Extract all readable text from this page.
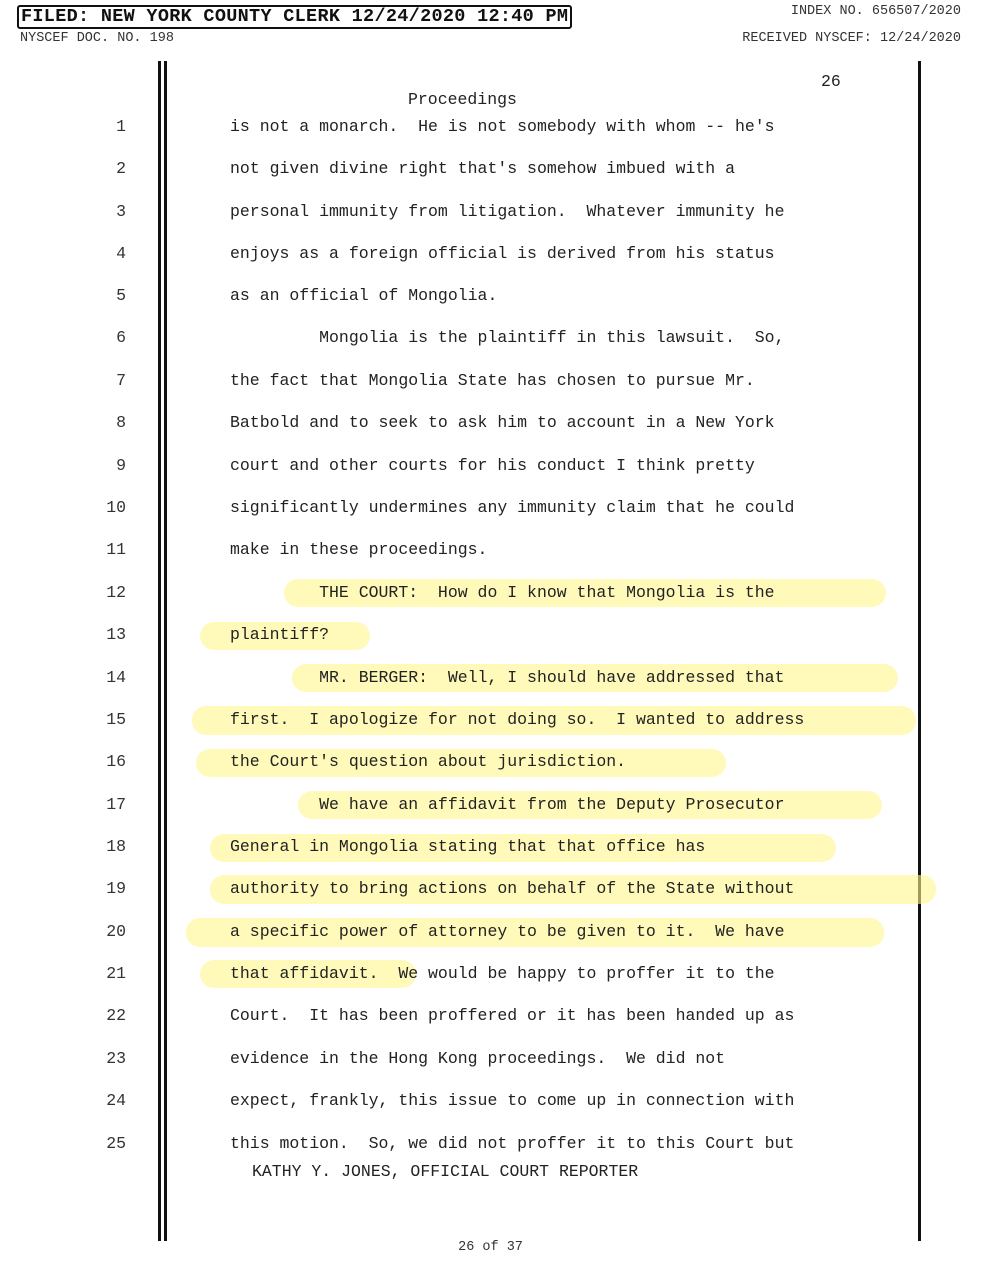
FILED: NEW YORK COUNTY CLERK 12/24/2020 12:40 PM	INDEX NO. 656507/2020
NYSCEF DOC. NO. 198	RECEIVED NYSCEF: 12/24/2020
26
Proceedings
1	is not a monarch.  He is not somebody with whom -- he's
2	not given divine right that's somehow imbued with a
3	personal immunity from litigation.  Whatever immunity he
4	enjoys as a foreign official is derived from his status
5	as an official of Mongolia.
6	Mongolia is the plaintiff in this lawsuit.  So,
7	the fact that Mongolia State has chosen to pursue Mr.
8	Batbold and to seek to ask him to account in a New York
9	court and other courts for his conduct I think pretty
10	significantly undermines any immunity claim that he could
11	make in these proceedings.
12	THE COURT:  How do I know that Mongolia is the
13	plaintiff?
14	MR. BERGER:  Well, I should have addressed that
15	first.  I apologize for not doing so.  I wanted to address
16	the Court's question about jurisdiction.
17	We have an affidavit from the Deputy Prosecutor
18	General in Mongolia stating that that office has
19	authority to bring actions on behalf of the State without
20	a specific power of attorney to be given to it.  We have
21	that affidavit.  We would be happy to proffer it to the
22	Court.  It has been proffered or it has been handed up as
23	evidence in the Hong Kong proceedings.  We did not
24	expect, frankly, this issue to come up in connection with
25	this motion.  So, we did not proffer it to this Court but
KATHY Y. JONES, OFFICIAL COURT REPORTER
26 of 37
